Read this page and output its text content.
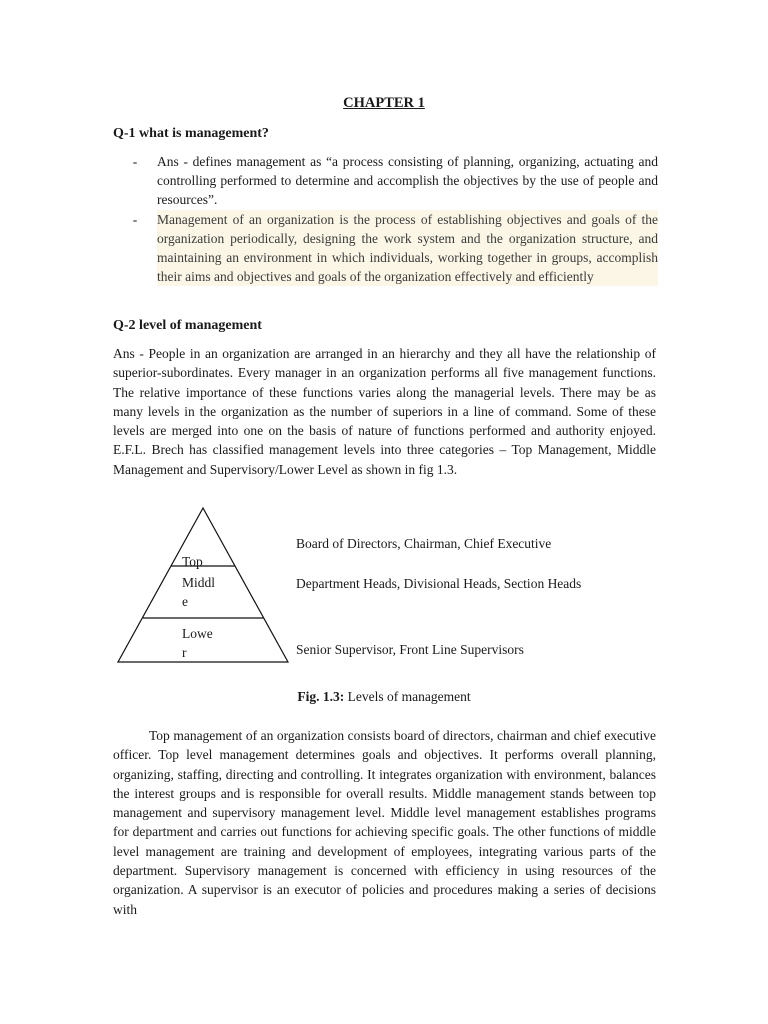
CHAPTER 1
Q-1 what is management?
-	Ans - defines management as “a process consisting of planning, organizing, actuating and controlling performed to determine and accomplish the objectives by the use of people and resources”.
-	Management of an organization is the process of establishing objectives and goals of the organization periodically, designing the work system and the organization structure, and maintaining an environment in which individuals, working together in groups, accomplish their aims and objectives and goals of the organization effectively and efficiently
Q-2 level of management
Ans - People in an organization are arranged in an hierarchy and they all have the relationship of superior-subordinates. Every manager in an organization performs all five management functions. The relative importance of these functions varies along the managerial levels. There may be as many levels in the organization as the number of superiors in a line of command. Some of these levels are merged into one on the basis of nature of functions performed and authority enjoyed. E.F.L. Brech has classified management levels into three categories – Top Management, Middle Management and Supervisory/Lower Level as shown in fig 1.3.
Top
Middl
e
Lowe
r
Board of Directors, Chairman, Chief Executive
Department Heads, Divisional Heads, Section Heads
Senior Supervisor, Front Line Supervisors
Fig. 1.3: Levels of management
Top management of an organization consists board of directors, chairman and chief executive officer. Top level management determines goals and objectives. It performs overall planning, organizing, staffing, directing and controlling. It integrates organization with environment, balances the interest groups and is responsible for overall results. Middle management stands between top management and supervisory management level. Middle level management establishes programs for department and carries out functions for achieving specific goals. The other functions of middle level management are training and development of employees, integrating various parts of the department. Supervisory management is concerned with efficiency in using resources of the organization. A supervisor is an executor of policies and procedures making a series of decisions with
